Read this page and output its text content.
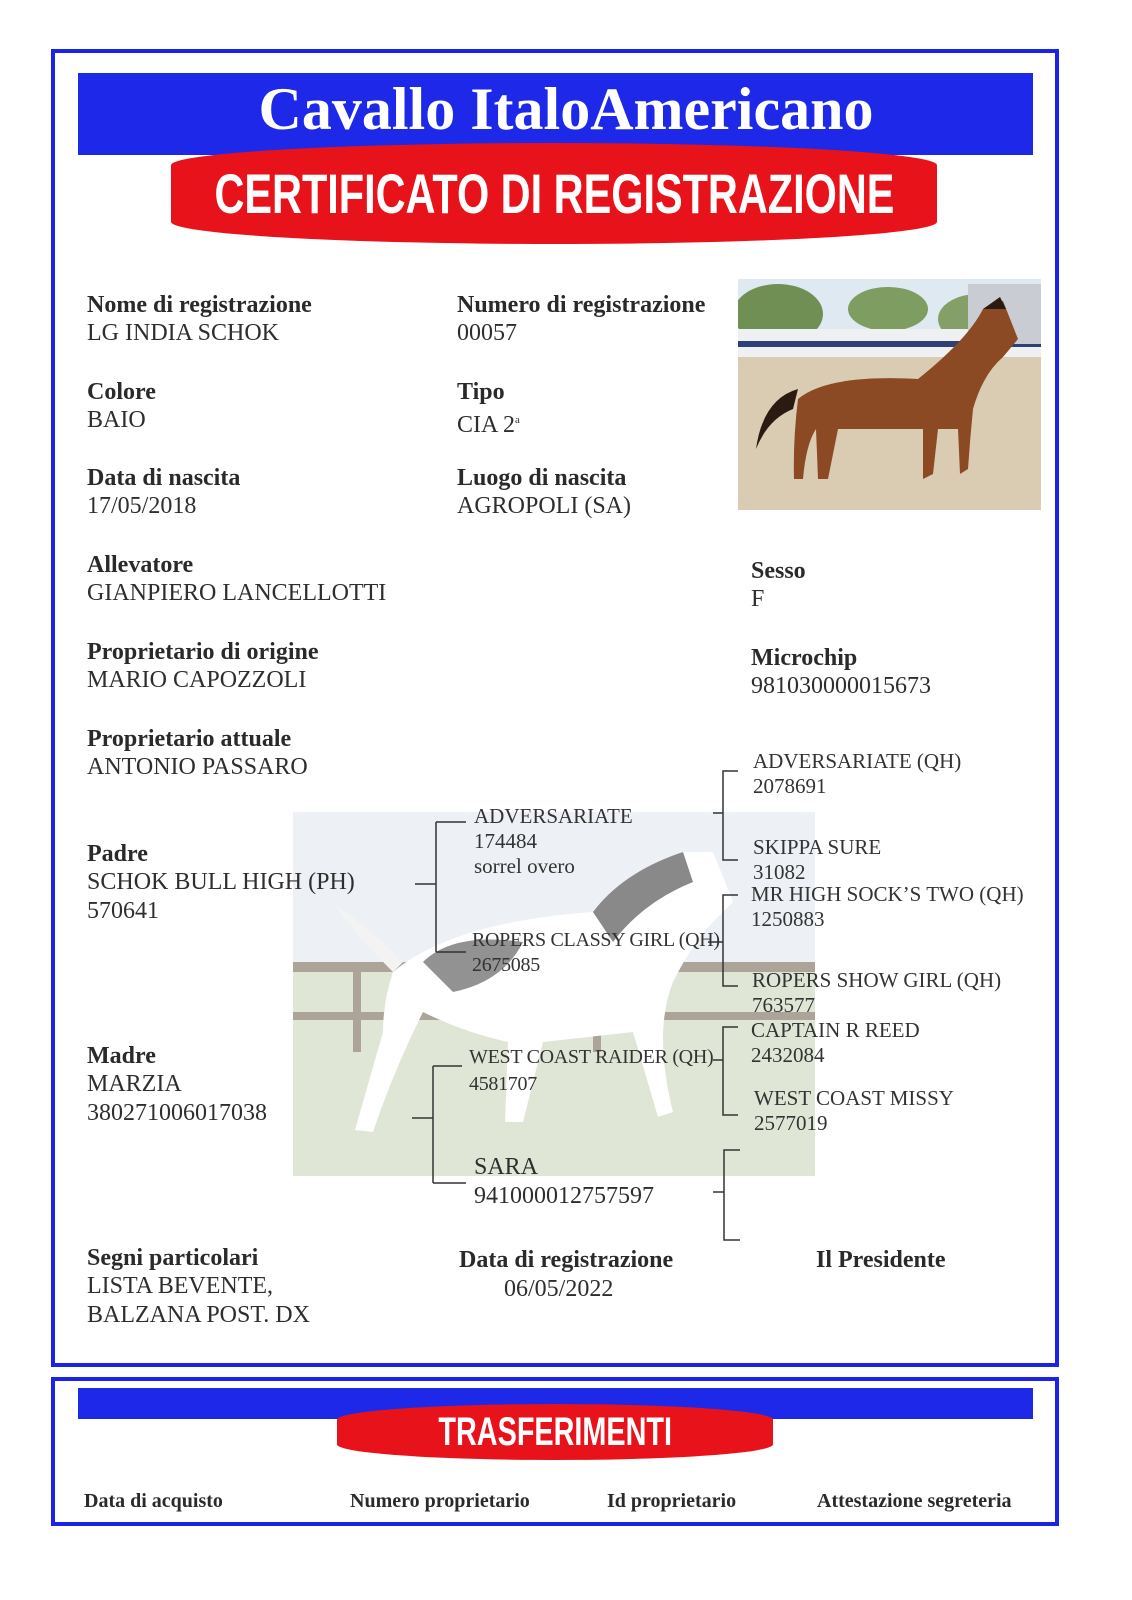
Cavallo ItaloAmericano
CERTIFICATO DI REGISTRAZIONE
Nome di registrazione
LG INDIA SCHOK
Numero di registrazione
00057
Colore
BAIO
Tipo
CIA 2$^a$
Data di nascita
17/05/2018
Luogo di nascita
AGROPOLI (SA)
Allevatore
GIANPIERO LANCELLOTTI
Sesso
F
Proprietario di origine
MARIO CAPOZZOLI
Microchip
981030000015673
Proprietario attuale
ANTONIO PASSARO
Padre
SCHOK BULL HIGH (PH)
570641
Madre
MARZIA
380271006017038
ADVERSARIATE
174484
sorrel overo
ROPERS CLASSY GIRL (QH)
2675085
WEST COAST RAIDER (QH)
4581707
SARA
941000012757597
ADVERSARIATE (QH)
2078691
SKIPPA SURE
31082
MR HIGH SOCK’S TWO (QH)
1250883
ROPERS SHOW GIRL (QH)
763577
CAPTAIN R REED
2432084
WEST COAST MISSY
2577019
Segni particolari
LISTA BEVENTE,
BALZANA POST. DX
Data di registrazione
06/05/2022
Il Presidente
TRASFERIMENTI
Data di acquisto	Numero proprietario	Id proprietario	Attestazione segreteria
